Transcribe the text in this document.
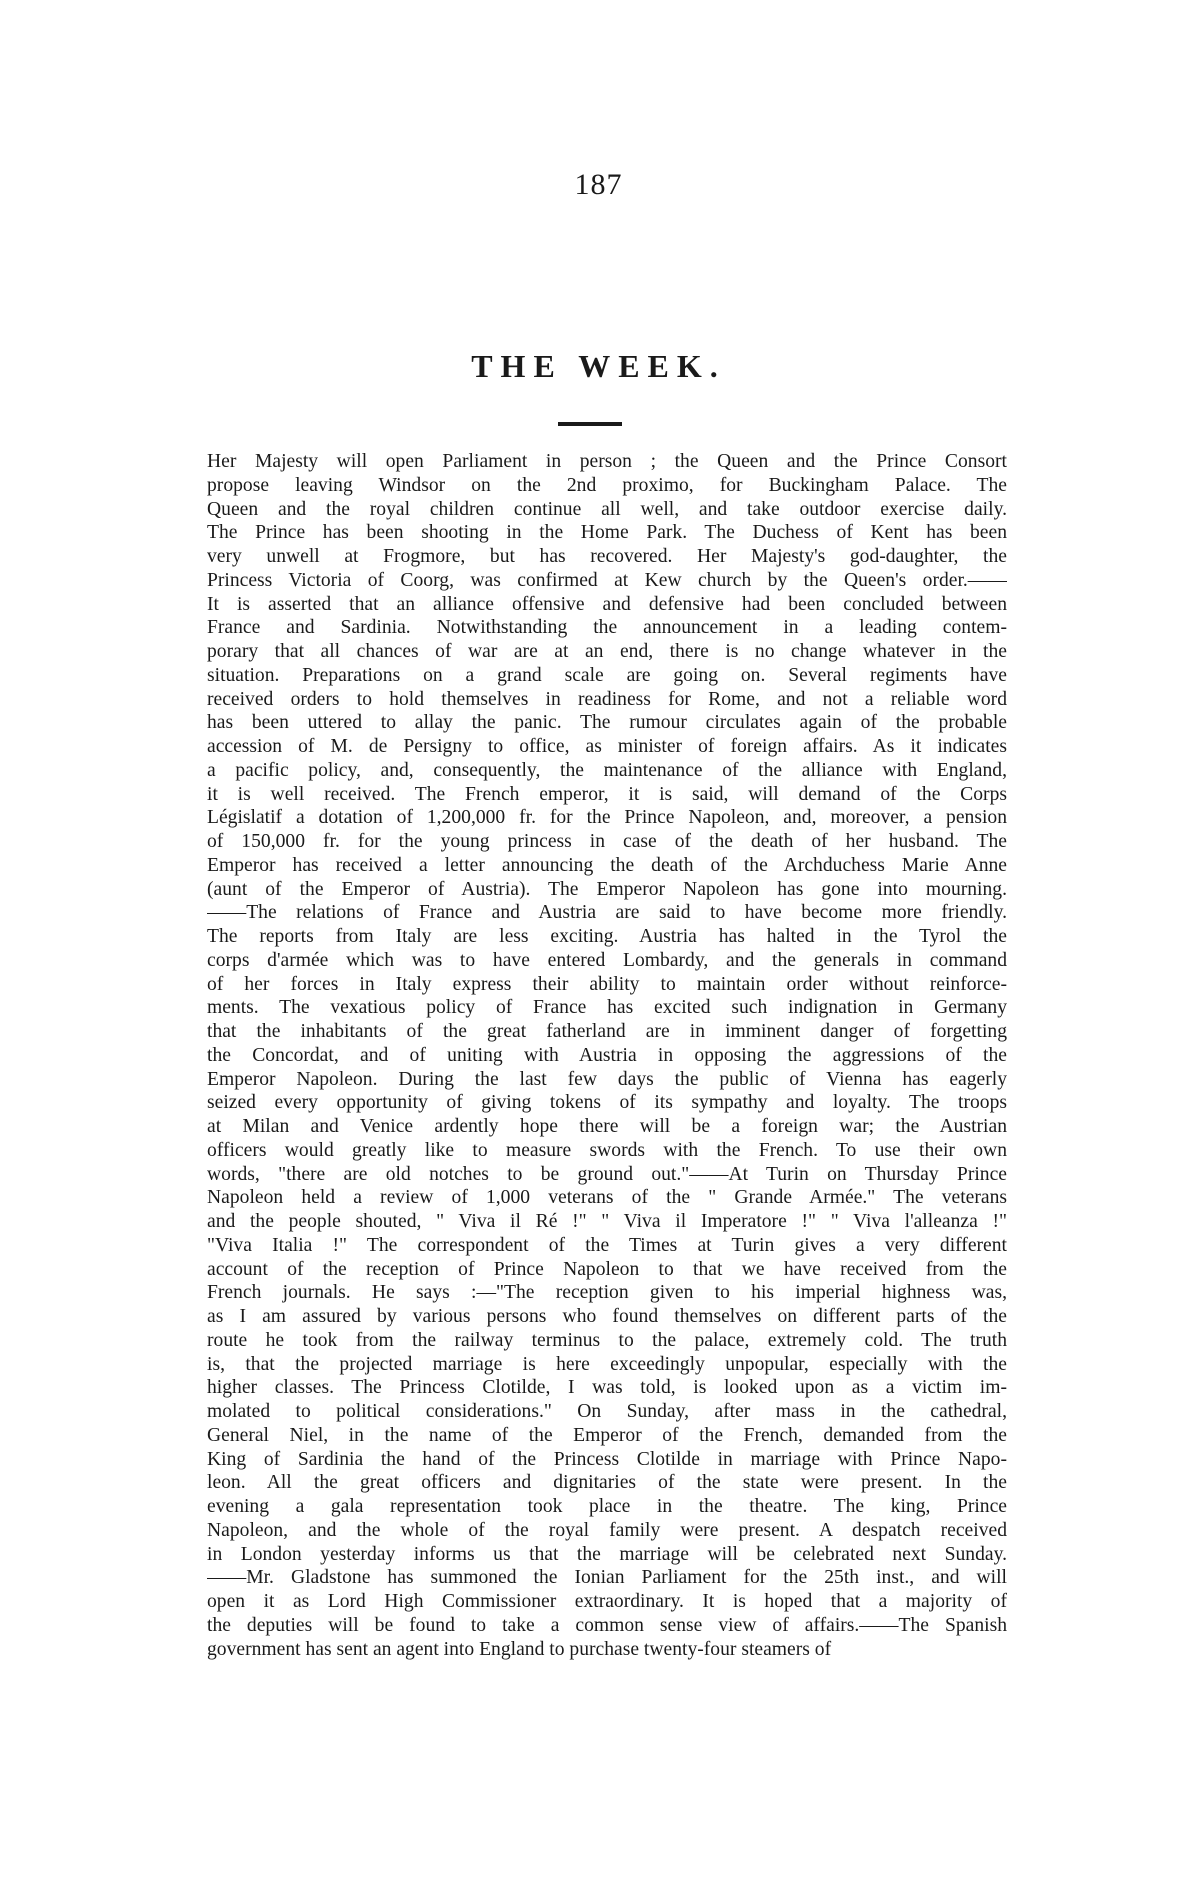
187
THE WEEK.
Her Majesty will open Parliament in person ; the Queen and the Prince Consort
propose leaving Windsor on the 2nd proximo, for Buckingham Palace. The
Queen and the royal children continue all well, and take outdoor exercise daily.
The Prince has been shooting in the Home Park. The Duchess of Kent has been
very unwell at Frogmore, but has recovered. Her Majesty's god-daughter, the
Princess Victoria of Coorg, was confirmed at Kew church by the Queen's order.——
It is asserted that an alliance offensive and defensive had been concluded between
France and Sardinia. Notwithstanding the announcement in a leading contem-
porary that all chances of war are at an end, there is no change whatever in the
situation. Preparations on a grand scale are going on. Several regiments have
received orders to hold themselves in readiness for Rome, and not a reliable word
has been uttered to allay the panic. The rumour circulates again of the probable
accession of M. de Persigny to office, as minister of foreign affairs. As it indicates
a pacific policy, and, consequently, the maintenance of the alliance with England,
it is well received. The French emperor, it is said, will demand of the Corps
Législatif a dotation of 1,200,000 fr. for the Prince Napoleon, and, moreover, a pension
of 150,000 fr. for the young princess in case of the death of her husband. The
Emperor has received a letter announcing the death of the Archduchess Marie Anne
(aunt of the Emperor of Austria). The Emperor Napoleon has gone into mourning.
——The relations of France and Austria are said to have become more friendly.
The reports from Italy are less exciting. Austria has halted in the Tyrol the
corps d'armée which was to have entered Lombardy, and the generals in command
of her forces in Italy express their ability to maintain order without reinforce-
ments. The vexatious policy of France has excited such indignation in Germany
that the inhabitants of the great fatherland are in imminent danger of forgetting
the Concordat, and of uniting with Austria in opposing the aggressions of the
Emperor Napoleon. During the last few days the public of Vienna has eagerly
seized every opportunity of giving tokens of its sympathy and loyalty. The troops
at Milan and Venice ardently hope there will be a foreign war; the Austrian
officers would greatly like to measure swords with the French. To use their own
words, "there are old notches to be ground out."——At Turin on Thursday Prince
Napoleon held a review of 1,000 veterans of the " Grande Armée." The veterans
and the people shouted, " Viva il Ré !" " Viva il Imperatore !" " Viva l'alleanza !"
"Viva Italia !" The correspondent of the Times at Turin gives a very different
account of the reception of Prince Napoleon to that we have received from the
French journals. He says :—"The reception given to his imperial highness was,
as I am assured by various persons who found themselves on different parts of the
route he took from the railway terminus to the palace, extremely cold. The truth
is, that the projected marriage is here exceedingly unpopular, especially with the
higher classes. The Princess Clotilde, I was told, is looked upon as a victim im-
molated to political considerations." On Sunday, after mass in the cathedral,
General Niel, in the name of the Emperor of the French, demanded from the
King of Sardinia the hand of the Princess Clotilde in marriage with Prince Napo-
leon. All the great officers and dignitaries of the state were present. In the
evening a gala representation took place in the theatre. The king, Prince
Napoleon, and the whole of the royal family were present. A despatch received
in London yesterday informs us that the marriage will be celebrated next Sunday.
——Mr. Gladstone has summoned the Ionian Parliament for the 25th inst., and will
open it as Lord High Commissioner extraordinary. It is hoped that a majority of
the deputies will be found to take a common sense view of affairs.——The Spanish
government has sent an agent into England to purchase twenty-four steamers of
